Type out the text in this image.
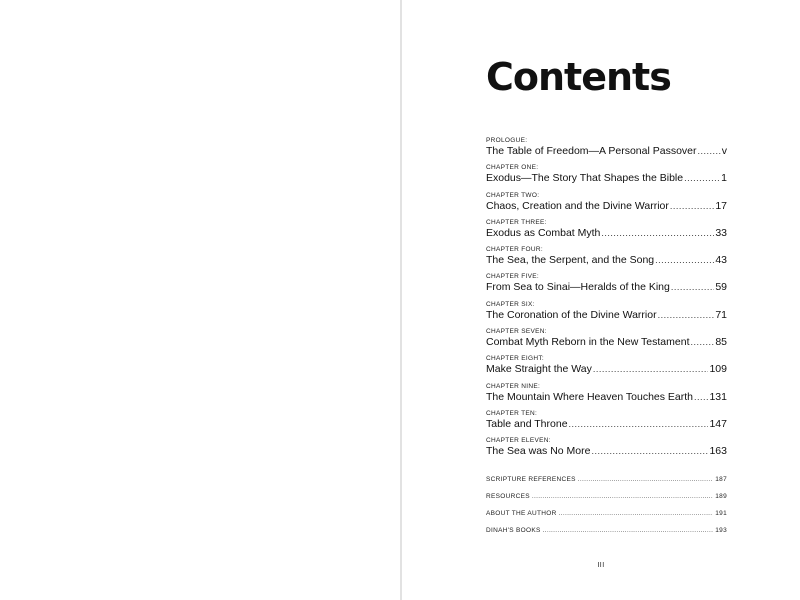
Contents
PROLOGUE:
The Table of Freedom—A Personal Passover ..... v
CHAPTER ONE:
Exodus—The Story That Shapes the Bible .....	1
CHAPTER TWO:
Chaos, Creation and the Divine Warrior .....	17
CHAPTER THREE:
Exodus as Combat Myth .....	33
CHAPTER FOUR:
The Sea, the Serpent, and the Song .....	43
CHAPTER FIVE:
From Sea to Sinai—Heralds of the King .....	59
CHAPTER SIX:
The Coronation of the Divine Warrior .....	71
CHAPTER SEVEN:
Combat Myth Reborn in the New Testament ..... 85
CHAPTER EIGHT:
Make Straight the Way .....	109
CHAPTER NINE:
The Mountain Where Heaven Touches Earth ..... 131
CHAPTER TEN:
Table and Throne .....	147
CHAPTER ELEVEN:
The Sea was No More .....	163
SCRIPTURE REFERENCES .....	187
RESOURCES .....	189
ABOUT THE AUTHOR .....	191
DINAH'S BOOKS .....	193
III
